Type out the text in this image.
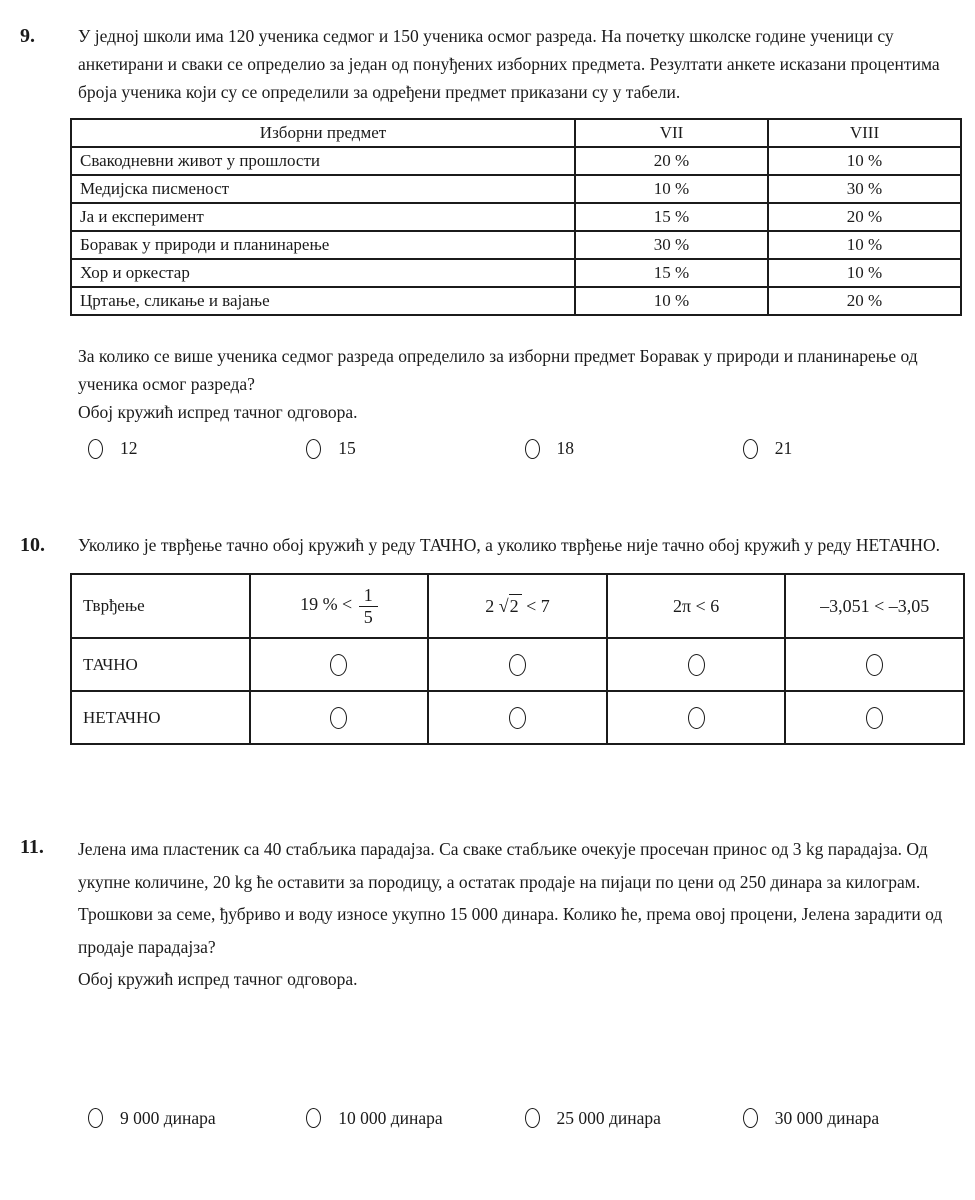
9. У једној школи има 120 ученика седмог и 150 ученика осмог разреда. На почетку школске године ученици су анкетирани и сваки се определио за један од понуђених изборних предмета. Резултати анкете исказани процентима броја ученика који су се определили за одређени предмет приказани су у табели.

Изборни предмет	VII	VIII
Свакодневни живот у прошлости	20 %	10 %
Медијска писменост	10 %	30 %
Ја и експеримент	15 %	20 %
Боравак у природи и планинарење	30 %	10 %
Хор и оркестар	15 %	10 %
Цртање, сликање и вајање	10 %	20 %

За колико се више ученика седмог разреда определило за изборни предмет Боравак у природи и планинарење од ученика осмог разреда?

Обој кружић испред тачног одговора.

12	15	18	21
10. Уколико је тврђење тачно обој кружић у реду ТАЧНО, а уколико тврђење није тачно обој кружић у реду НЕТАЧНО.

Тврђење	19 % < $\frac{1}{5}$	2 √2 < 7	2π < 6	–3,051 < –3,05
ТАЧНО				
НЕТАЧНО				
11. Јелена има пластеник са 40 стабљика парадајза. Са сваке стабљике очекује просечан принос од 3 kg парадајза. Од укупне количине, 20 kg ће оставити за породицу, а остатак продаје на пијаци по цени од 250 динара за килограм. Трошкови за семе, ђубриво и воду износе укупно 15 000 динара. Колико ће, према овој процени, Јелена зарадити од продаје парадајза?

Обој кружић испред тачног одговора.

9 000 динара	10 000 динара	25 000 динара	30 000 динара
